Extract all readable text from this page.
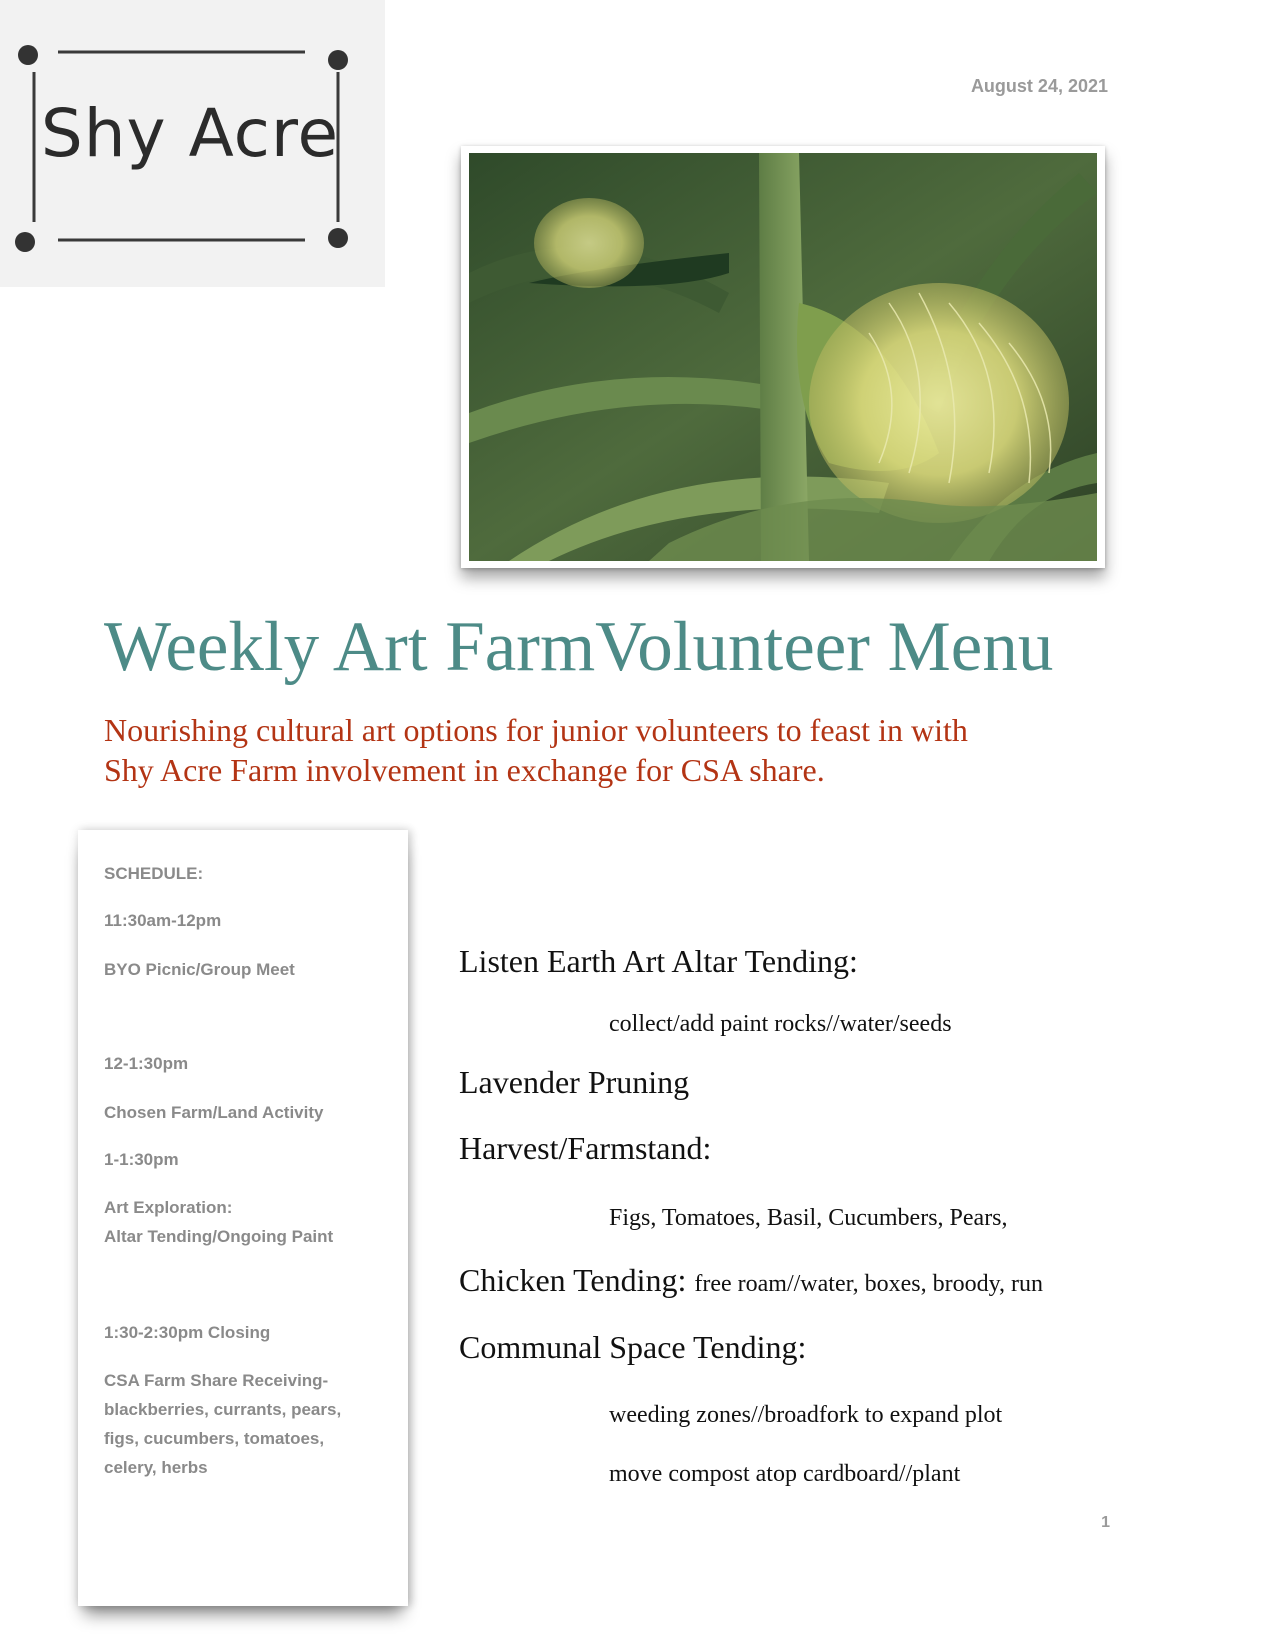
Shy Acre
August 24, 2021
Weekly Art FarmVolunteer Menu
Nourishing cultural art options for junior volunteers to feast in with
Shy Acre Farm involvement in exchange for CSA share.
SCHEDULE:
11:30am-12pm
BYO Picnic/Group Meet
12-1:30pm
Chosen Farm/Land Activity
1-1:30pm
Art Exploration:
Altar Tending/Ongoing Paint
1:30-2:30pm Closing
CSA Farm Share Receiving-
blackberries, currants, pears,
figs, cucumbers, tomatoes,
celery, herbs
Listen Earth Art Altar Tending:
collect/add paint rocks//water/seeds
Lavender Pruning
Harvest/Farmstand:
Figs, Tomatoes, Basil, Cucumbers, Pears,
Chicken Tending: free roam//water, boxes, broody, run
Communal Space Tending:
weeding zones//broadfork to expand plot
move compost atop cardboard//plant
1
